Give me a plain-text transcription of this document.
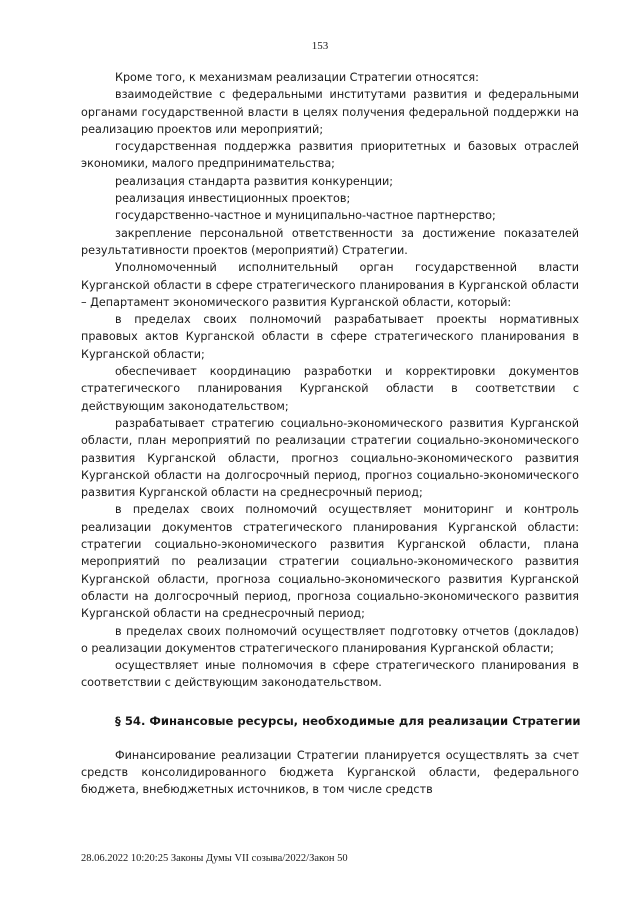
153

Кроме того, к механизмам реализации Стратегии относятся:

взаимодействие с федеральными институтами развития и федеральными органами государственной власти в целях получения федеральной поддержки на реализацию проектов или мероприятий;

государственная поддержка развития приоритетных и базовых отраслей экономики, малого предпринимательства;

реализация стандарта развития конкуренции;

реализация инвестиционных проектов;

государственно-частное и муниципально-частное партнерство;

закрепление персональной ответственности за достижение показателей результативности проектов (мероприятий) Стратегии.

Уполномоченный исполнительный орган государственной власти Курганской области в сфере стратегического планирования в Курганской области – Департамент экономического развития Курганской области, который:

в пределах своих полномочий разрабатывает проекты нормативных правовых актов Курганской области в сфере стратегического планирования в Курганской области;

обеспечивает координацию разработки и корректировки документов стратегического планирования Курганской области в соответствии с действующим законодательством;

разрабатывает стратегию социально-экономического развития Курганской области, план мероприятий по реализации стратегии социально-экономического развития Курганской области, прогноз социально-экономического развития Курганской области на долгосрочный период, прогноз социально-экономического развития Курганской области на среднесрочный период;

в пределах своих полномочий осуществляет мониторинг и контроль реализации документов стратегического планирования Курганской области: стратегии социально-экономического развития Курганской области, плана мероприятий по реализации стратегии социально-экономического развития Курганской области, прогноза социально-экономического развития Курганской области на долгосрочный период, прогноза социально-экономического развития Курганской области на среднесрочный период;

в пределах своих полномочий осуществляет подготовку отчетов (докладов) о реализации документов стратегического планирования Курганской области;

осуществляет иные полномочия в сфере стратегического планирования в соответствии с действующим законодательством.

§ 54. Финансовые ресурсы, необходимые для реализации Стратегии

Финансирование реализации Стратегии планируется осуществлять за счет средств консолидированного бюджета Курганской области, федерального бюджета, внебюджетных источников, в том числе средств

28.06.2022 10:20:25 Законы Думы VII созыва/2022/Закон 50
